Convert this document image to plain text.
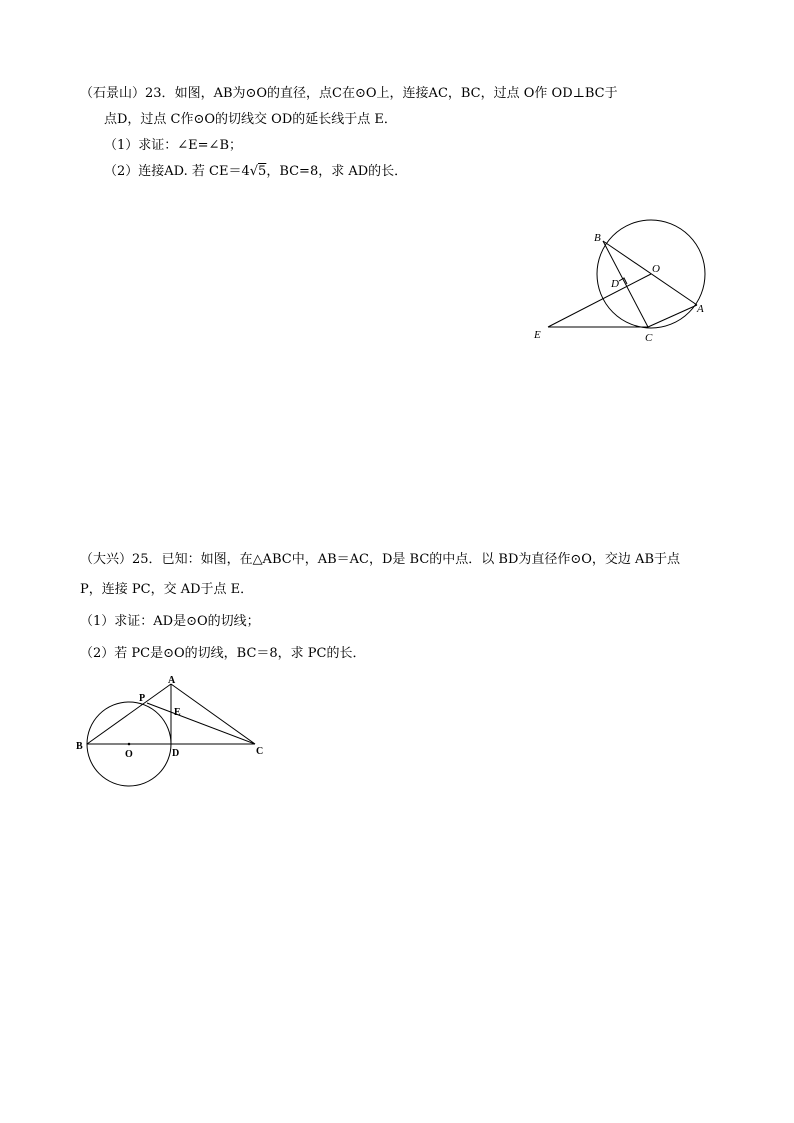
（石景山）23．如图，AB为⊙O的直径，点C在⊙O上，连接AC，BC，过点 O作 OD⊥BC于
点D，过点 C作⊙O的切线交 OD的延长线于点 E．
（1）求证：∠E=∠B；
（2）连接AD. 若 CE＝4√5，BC=8，求 AD的长．
B
O
D
A
E	C
（大兴）25．已知：如图，在△ABC中，AB＝AC，D是 BC的中点．以 BD为直径作⊙O，交边 AB于点
P，连接 PC，交 AD于点 E．
（1）求证：AD是⊙O的切线；
（2）若 PC是⊙O的切线，BC＝8，求 PC的长．
A
P
E
B
O	D	C
